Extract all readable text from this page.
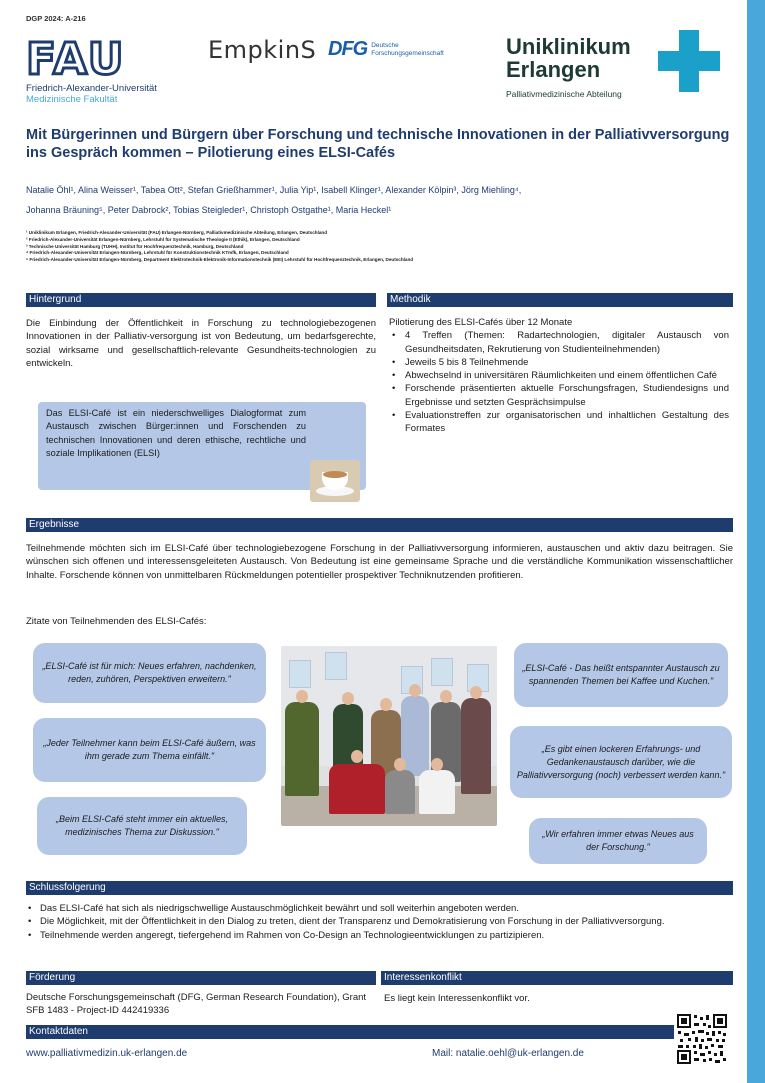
DGP 2024: A-216
FAU
Friedrich-Alexander-Universität
Medizinische Fakultät
EmpkinS DFG Deutsche Forschungsgemeinschaft	Uniklinikum
Erlangen
Palliativmedizinische Abteilung
Mit Bürgerinnen und Bürgern über Forschung und technische Innovationen in der Palliativversorgung ins Gespräch kommen – Pilotierung eines ELSI-Cafés
Natalie Öhl¹, Alina Weisser¹, Tabea Ott², Stefan Grießhammer¹, Julia Yip¹, Isabell Klinger¹, Alexander Kölpin³, Jörg Miehling⁴,
Johanna Bräuning⁵, Peter Dabrock², Tobias Steigleder¹, Christoph Ostgathe¹, Maria Heckel¹
¹ Uniklinikum Erlangen, Friedrich-Alexander-Universität (FAU) Erlangen-Nürnberg, Palliativmedizinische Abteilung, Erlangen, Deutschland
² Friedrich-Alexander-Universität Erlangen-Nürnberg, Lehrstuhl für Systematische Theologie II (Ethik), Erlangen, Deutschland
³ Technische Universität Hamburg (TUHH), Institut für Hochfrequenztechnik, Hamburg, Deutschland
⁴ Friedrich-Alexander-Universität Erlangen-Nürnberg, Lehrstuhl für Konstruktionstechnik KTmfk, Erlangen, Deutschland
⁵ Friedrich-Alexander-Universität Erlangen-Nürnberg, Department Elektrotechnik-Elektronik-Informationstechnik (EEI) Lehrstuhl für Hochfrequenztechnik, Erlangen, Deutschland
Hintergrund
Die Einbindung der Öffentlichkeit in Forschung zu technologiebezogenen Innovationen in der Palliativ-versorgung ist von Bedeutung, um bedarfsgerechte, sozial wirksame und gesellschaftlich-relevante Gesundheits-technologien zu entwickeln.
Das ELSI-Café ist ein niederschwelliges Dialogformat zum Austausch zwischen Bürger:innen und Forschenden zu technischen Innovationen und deren ethische, rechtliche und soziale Implikationen (ELSI)
Methodik
Pilotierung des ELSI-Cafés über 12 Monate
• 4 Treffen (Themen: Radartechnologien, digitaler Austausch von Gesundheitsdaten, Rekrutierung von Studienteilnehmenden)
• Jeweils 5 bis 8 Teilnehmende
• Abwechselnd in universitären Räumlichkeiten und einem öffentlichen Café
• Forschende präsentierten aktuelle Forschungsfragen, Studiendesigns und Ergebnisse und setzten Gesprächsimpulse
• Evaluationstreffen zur organisatorischen und inhaltlichen Gestaltung des Formates
Ergebnisse
Teilnehmende möchten sich im ELSI-Café über technologiebezogene Forschung in der Palliativversorgung informieren, austauschen und aktiv dazu beitragen. Sie wünschen sich offenen und interessensgeleiteten Austausch. Von Bedeutung ist eine gemeinsame Sprache und die verständliche Kommunikation wissenschaftlicher Inhalte. Forschende können von unmittelbaren Rückmeldungen potentieller prospektiver Techniknutzenden profitieren.
Zitate von Teilnehmenden des ELSI-Cafés:
„ELSI-Café ist für mich: Neues erfahren, nachdenken, reden, zuhören, Perspektiven erweitern."
„Jeder Teilnehmer kann beim ELSI-Café äußern, was ihm gerade zum Thema einfällt."
„Beim ELSI-Café steht immer ein aktuelles, medizinisches Thema zur Diskussion."
„ELSI-Café - Das heißt entspannter Austausch zu spannenden Themen bei Kaffee und Kuchen."
„Es gibt einen lockeren Erfahrungs- und Gedankenaustausch darüber, wie die Palliativversorgung (noch) verbessert werden kann."
„Wir erfahren immer etwas Neues aus der Forschung."
Schlussfolgerung
• Das ELSI-Café hat sich als niedrigschwellige Austauschmöglichkeit bewährt und soll weiterhin angeboten werden.
• Die Möglichkeit, mit der Öffentlichkeit in den Dialog zu treten, dient der Transparenz und Demokratisierung von Forschung in der Palliativversorgung.
• Teilnehmende werden angeregt, tiefergehend im Rahmen von Co-Design an Technologieentwicklungen zu partizipieren.
Förderung
Deutsche Forschungsgemeinschaft (DFG, German Research Foundation), Grant SFB 1483 - Project-ID 442419336
Interessenkonflikt
Es liegt kein Interessenkonflikt vor.
Kontaktdaten
www.palliativmedizin.uk-erlangen.de	Mail: natalie.oehl@uk-erlangen.de
